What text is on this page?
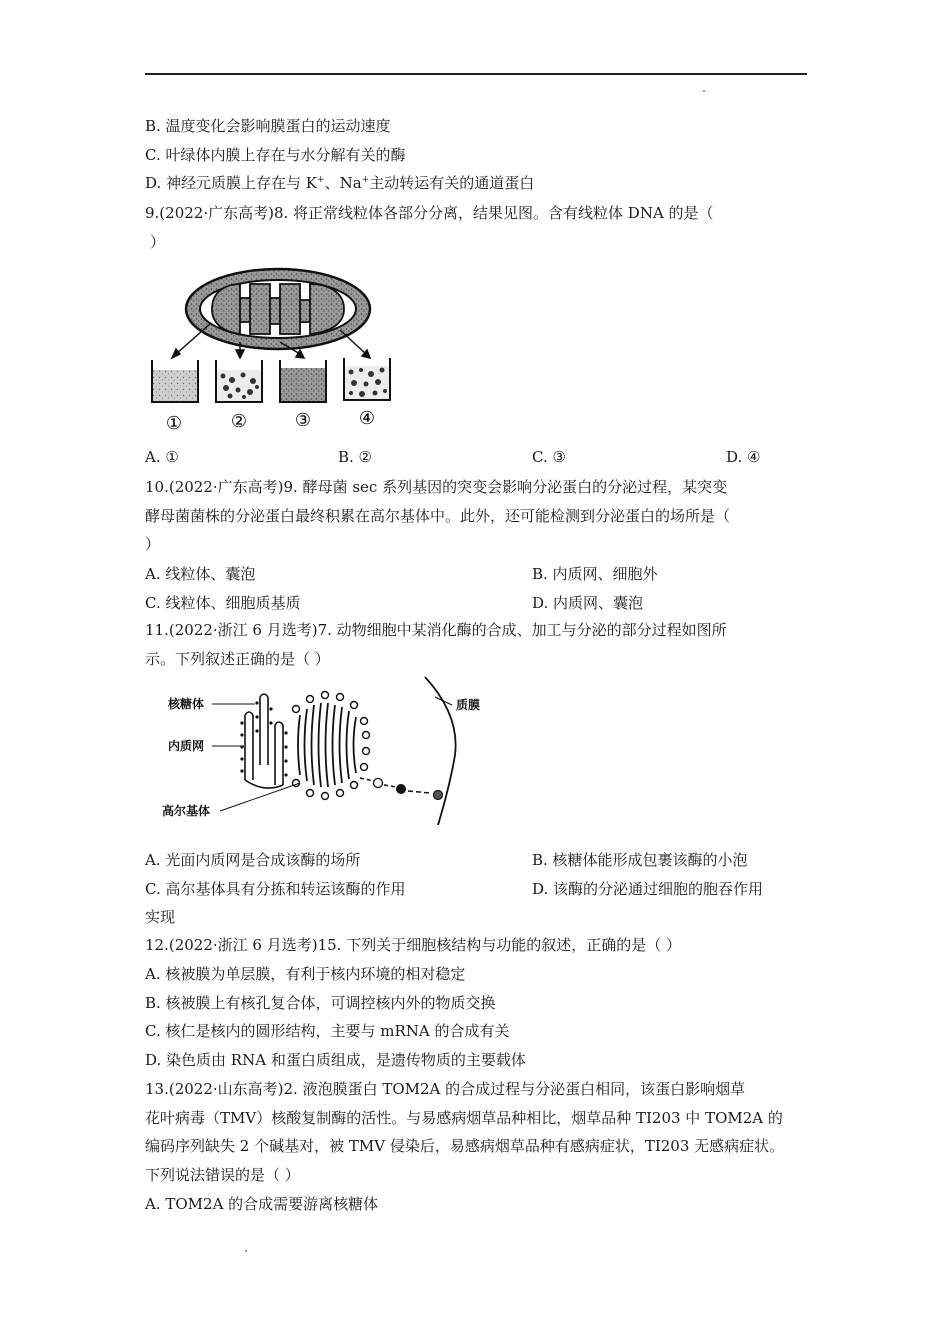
B. 温度变化会影响膜蛋白的运动速度
C. 叶绿体内膜上存在与水分解有关的酶
D. 神经元质膜上存在与 K+、Na+主动转运有关的通道蛋白
9.(2022·广东高考)8. 将正常线粒体各部分分离，结果见图。含有线粒体 DNA 的是（
）
①	②	③	④
A. ①	B. ②	C. ③	D. ④
10.(2022·广东高考)9. 酵母菌 sec 系列基因的突变会影响分泌蛋白的分泌过程，某突变
酵母菌菌株的分泌蛋白最终积累在高尔基体中。此外，还可能检测到分泌蛋白的场所是（
）
A. 线粒体、囊泡	B. 内质网、细胞外
C. 线粒体、细胞质基质	D. 内质网、囊泡
11.(2022·浙江 6 月选考)7. 动物细胞中某消化酶的合成、加工与分泌的部分过程如图所
示。下列叙述正确的是（ ）
核糖体
内质网
高尔基体
质膜
A. 光面内质网是合成该酶的场所	B. 核糖体能形成包裹该酶的小泡
C. 高尔基体具有分拣和转运该酶的作用	D. 该酶的分泌通过细胞的胞吞作用
实现
12.(2022·浙江 6 月选考)15. 下列关于细胞核结构与功能的叙述，正确的是（ ）
A. 核被膜为单层膜，有利于核内环境的相对稳定
B. 核被膜上有核孔复合体，可调控核内外的物质交换
C. 核仁是核内的圆形结构，主要与 mRNA 的合成有关
D. 染色质由 RNA 和蛋白质组成，是遗传物质的主要载体
13.(2022·山东高考)2. 液泡膜蛋白 TOM2A 的合成过程与分泌蛋白相同，该蛋白影响烟草
花叶病毒（TMV）核酸复制酶的活性。与易感病烟草品种相比，烟草品种 TI203 中 TOM2A 的
编码序列缺失 2 个碱基对，被 TMV 侵染后，易感病烟草品种有感病症状，TI203 无感病症状。
下列说法错误的是（ ）
A. TOM2A 的合成需要游离核糖体
